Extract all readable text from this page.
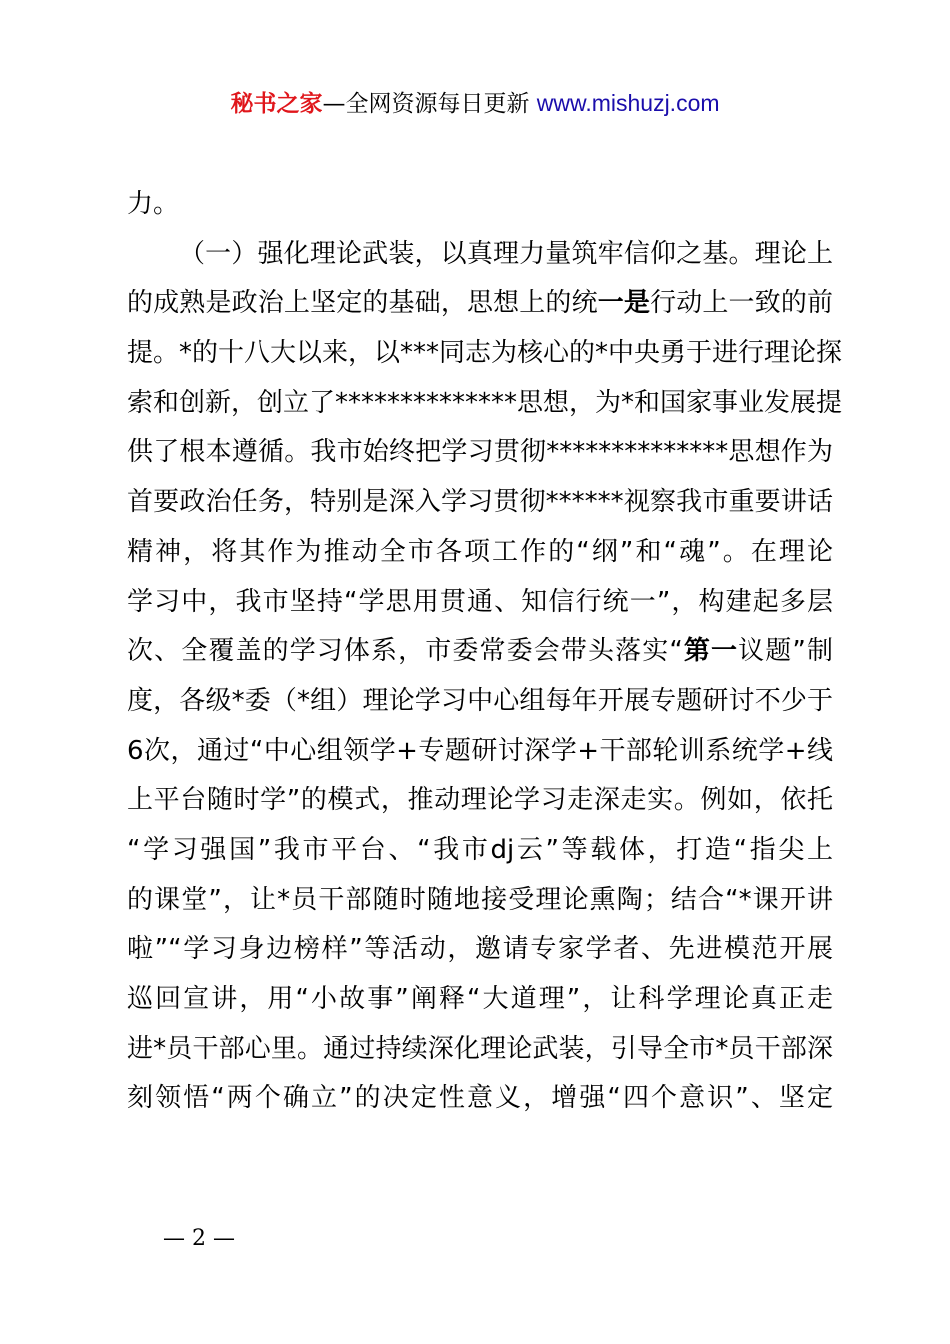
秘书之家—全网资源每日更新 www.mishuzj.com
力。
（一）强化理论武装，以真理力量筑牢信仰之基。理论上
的成熟是政治上坚定的基础，思想上的统一是行动上一致的前
提。*的十八大以来，以***同志为核心的*中央勇于进行理论探
索和创新，创立了**************思想，为*和国家事业发展提
供了根本遵循。我市始终把学习贯彻**************思想作为
首要政治任务，特别是深入学习贯彻******视察我市重要讲话
精神，将其作为推动全市各项工作的“纲”和“魂”。在理论
学习中，我市坚持“学思用贯通、知信行统一”，构建起多层
次、全覆盖的学习体系，市委常委会带头落实“第一议题”制
度，各级*委（*组）理论学习中心组每年开展专题研讨不少于
6次，通过“中心组领学+专题研讨深学+干部轮训系统学+线
上平台随时学”的模式，推动理论学习走深走实。例如，依托
“学习强国”我市平台、“我市dj云”等载体，打造“指尖上
的课堂”，让*员干部随时随地接受理论熏陶；结合“*课开讲
啦”“学习身边榜样”等活动，邀请专家学者、先进模范开展
巡回宣讲，用“小故事”阐释“大道理”，让科学理论真正走
进*员干部心里。通过持续深化理论武装，引导全市*员干部深
刻领悟“两个确立”的决定性意义，增强“四个意识”、坚定
— 2 —
